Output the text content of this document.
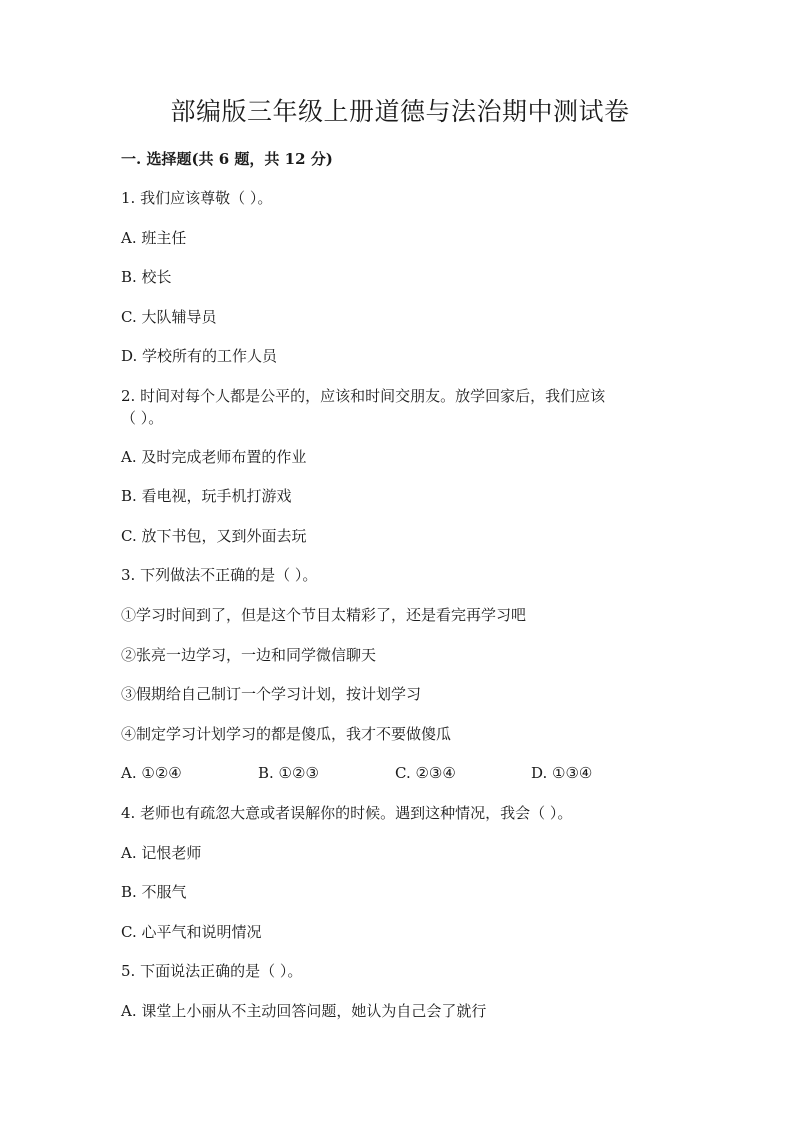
部编版三年级上册道德与法治期中测试卷
一. 选择题(共 6 题，共 12 分)
1. 我们应该尊敬（ ）。
A. 班主任
B. 校长
C. 大队辅导员
D. 学校所有的工作人员
2. 时间对每个人都是公平的，应该和时间交朋友。放学回家后，我们应该
（ ）。
A. 及时完成老师布置的作业
B. 看电视，玩手机打游戏
C. 放下书包，又到外面去玩
3. 下列做法不正确的是（ ）。
①学习时间到了，但是这个节目太精彩了，还是看完再学习吧
②张亮一边学习，一边和同学微信聊天
③假期给自己制订一个学习计划，按计划学习
④制定学习计划学习的都是傻瓜，我才不要做傻瓜
A. ①②④	B. ①②③	C. ②③④	D. ①③④
4. 老师也有疏忽大意或者误解你的时候。遇到这种情况，我会（ ）。
A. 记恨老师
B. 不服气
C. 心平气和说明情况
5. 下面说法正确的是（ ）。
A. 课堂上小丽从不主动回答问题，她认为自己会了就行
